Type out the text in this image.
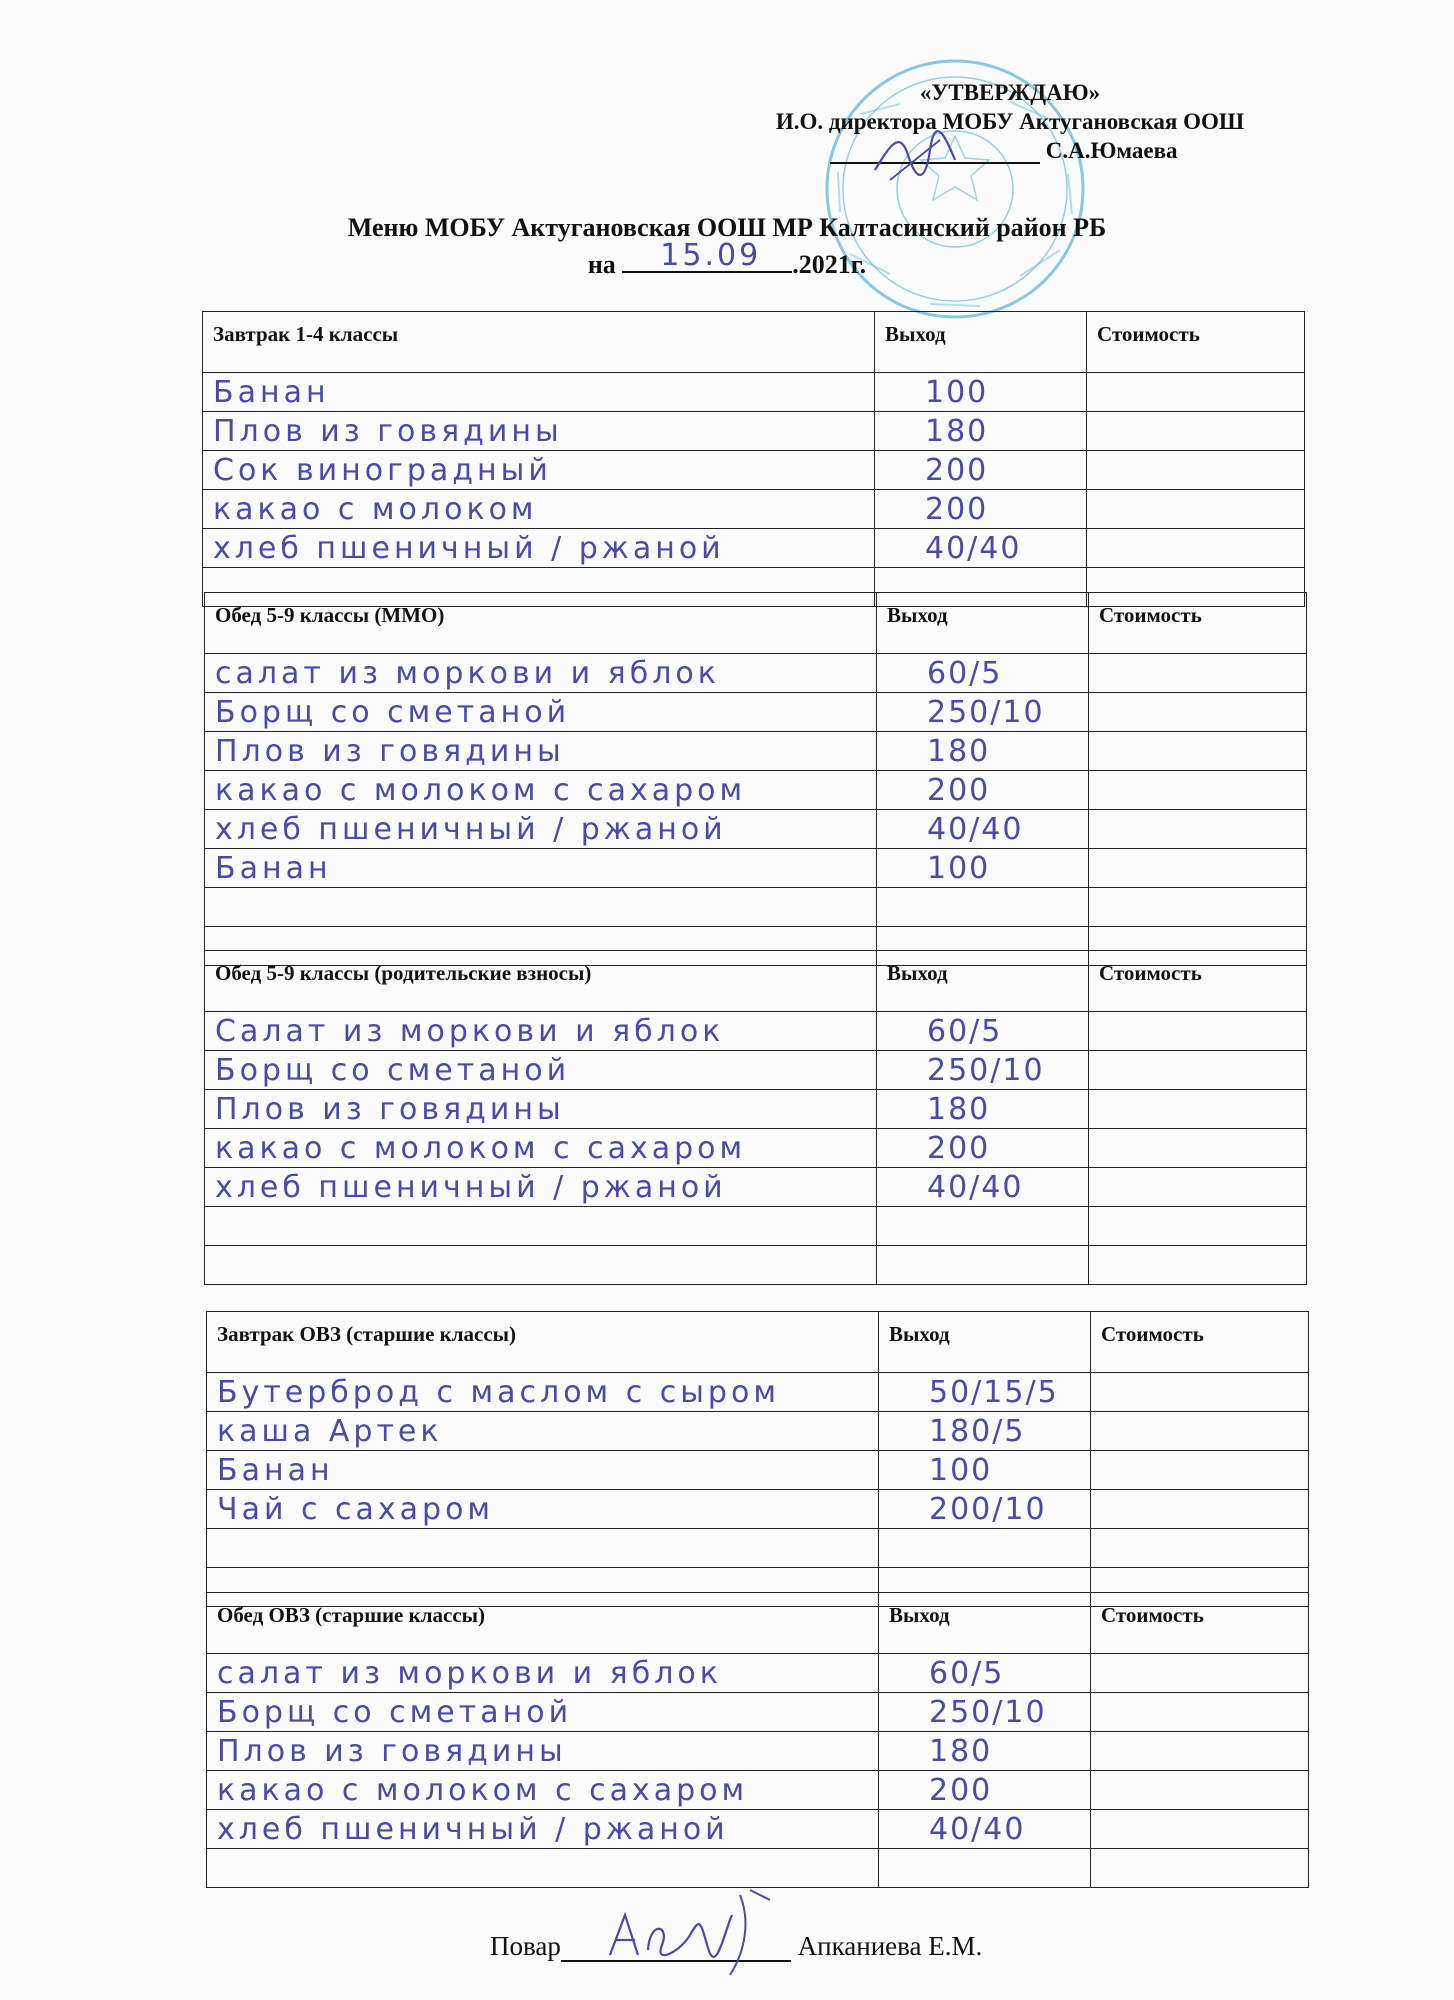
«УТВЕРЖДАЮ»
И.О. директора МОБУ Актугановская ООШ
С.А.Юмаева
Меню МОБУ Актугановская ООШ МР Калтасинский район РБ
на 15.09 .2021г.
Завтрак 1-4 классы	Выход	Стоимость
Банан	100	
Плов из говядины	180	
Сок виноградный	200	
какао с молоком	200	
хлеб пшеничный / ржаной	40/40	

Обед 5-9 классы (ММО)	Выход	Стоимость
салат из моркови и яблок	60/5	
Борщ со сметаной	250/10	
Плов из говядины	180	
какао с молоком с сахаром	200	
хлеб пшеничный / ржаной	40/40	
Банан	100	

Обед 5-9 классы (родительские взносы)	Выход	Стоимость
Салат из моркови и яблок	60/5	
Борщ со сметаной	250/10	
Плов из говядины	180	
какао с молоком с сахаром	200	
хлеб пшеничный / ржаной	40/40	

Завтрак ОВЗ (старшие классы)	Выход	Стоимость
Бутерброд с маслом с сыром	50/15/5	
каша Артек	180/5	
Банан	100	
Чай с сахаром	200/10	

Обед ОВЗ (старшие классы)	Выход	Стоимость
салат из моркови и яблок	60/5	
Борщ со сметаной	250/10	
Плов из говядины	180	
какао с молоком с сахаром	200	
хлеб пшеничный / ржаной	40/40	

Повар	Апканиева Е.М.
